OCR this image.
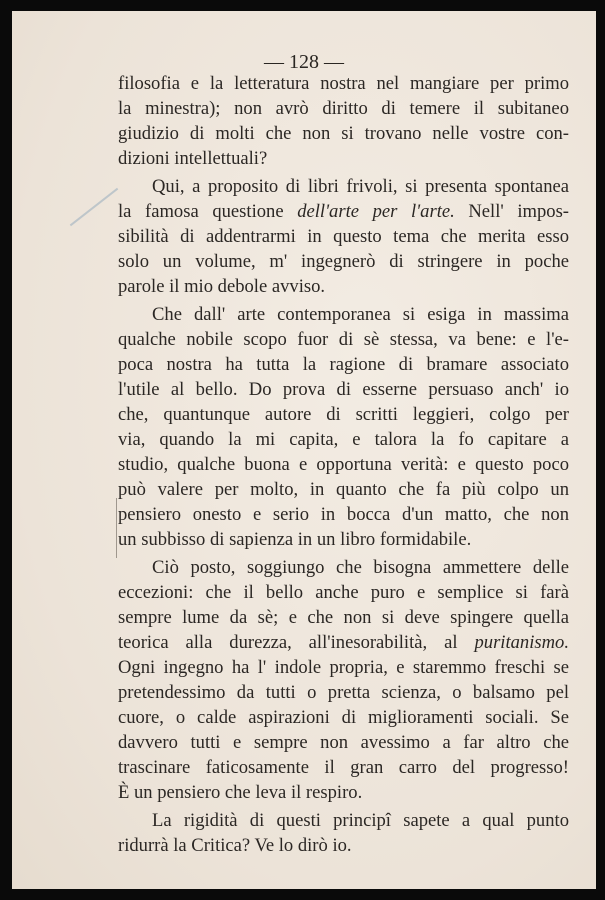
— 128 —
filosofia e la letteratura nostra nel mangiare per primo
la minestra); non avrò diritto di temere il subitaneo
giudizio di molti che non si trovano nelle vostre con-
dizioni intellettuali?
Qui, a proposito di libri frivoli, si presenta spontanea
la famosa questione dell'arte per l'arte. Nell' impos-
sibilità di addentrarmi in questo tema che merita esso
solo un volume, m' ingegnerò di stringere in poche
parole il mio debole avviso.
Che dall' arte contemporanea si esiga in massima
qualche nobile scopo fuor di sè stessa, va bene: e l'e-
poca nostra ha tutta la ragione di bramare associato
l'utile al bello. Do prova di esserne persuaso anch' io
che, quantunque autore di scritti leggieri, colgo per
via, quando la mi capita, e talora la fo capitare a
studio, qualche buona e opportuna verità: e questo poco
può valere per molto, in quanto che fa più colpo un
pensiero onesto e serio in bocca d'un matto, che non
un subbisso di sapienza in un libro formidabile.
Ciò posto, soggiungo che bisogna ammettere delle
eccezioni: che il bello anche puro e semplice si farà
sempre lume da sè; e che non si deve spingere quella
teorica alla durezza, all'inesorabilità, al puritanismo.
Ogni ingegno ha l' indole propria, e staremmo freschi se
pretendessimo da tutti o pretta scienza, o balsamo pel
cuore, o calde aspirazioni di miglioramenti sociali. Se
davvero tutti e sempre non avessimo a far altro che
trascinare faticosamente il gran carro del progresso!
È un pensiero che leva il respiro.
La rigidità di questi principî sapete a qual punto
ridurrà la Critica? Ve lo dirò io.
